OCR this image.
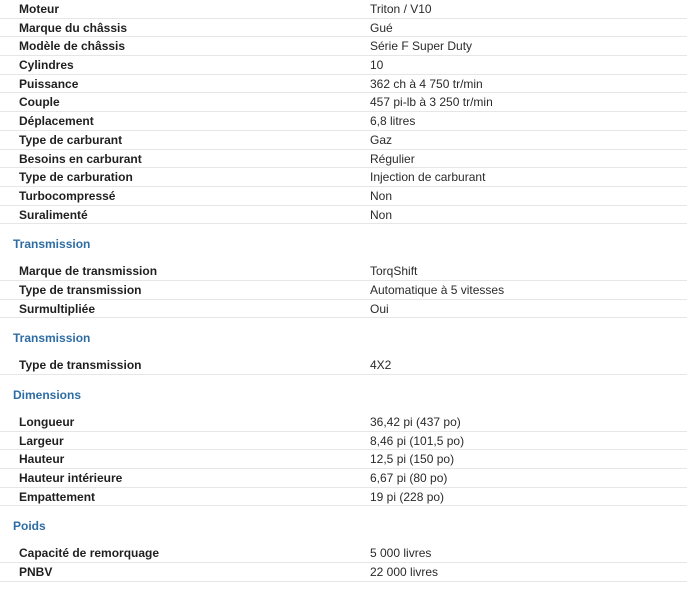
Moteur	Triton / V10
Marque du châssis	Gué
Modèle de châssis	Série F Super Duty
Cylindres	10
Puissance	362 ch à 4 750 tr/min
Couple	457 pi-lb à 3 250 tr/min
Déplacement	6,8 litres
Type de carburant	Gaz
Besoins en carburant	Régulier
Type de carburation	Injection de carburant
Turbocompressé	Non
Suralimenté	Non
Transmission
Marque de transmission	TorqShift
Type de transmission	Automatique à 5 vitesses
Surmultipliée	Oui
Transmission
Type de transmission	4X2
Dimensions
Longueur	36,42 pi (437 po)
Largeur	8,46 pi (101,5 po)
Hauteur	12,5 pi (150 po)
Hauteur intérieure	6,67 pi (80 po)
Empattement	19 pi (228 po)
Poids
Capacité de remorquage	5 000 livres
PNBV	22 000 livres
